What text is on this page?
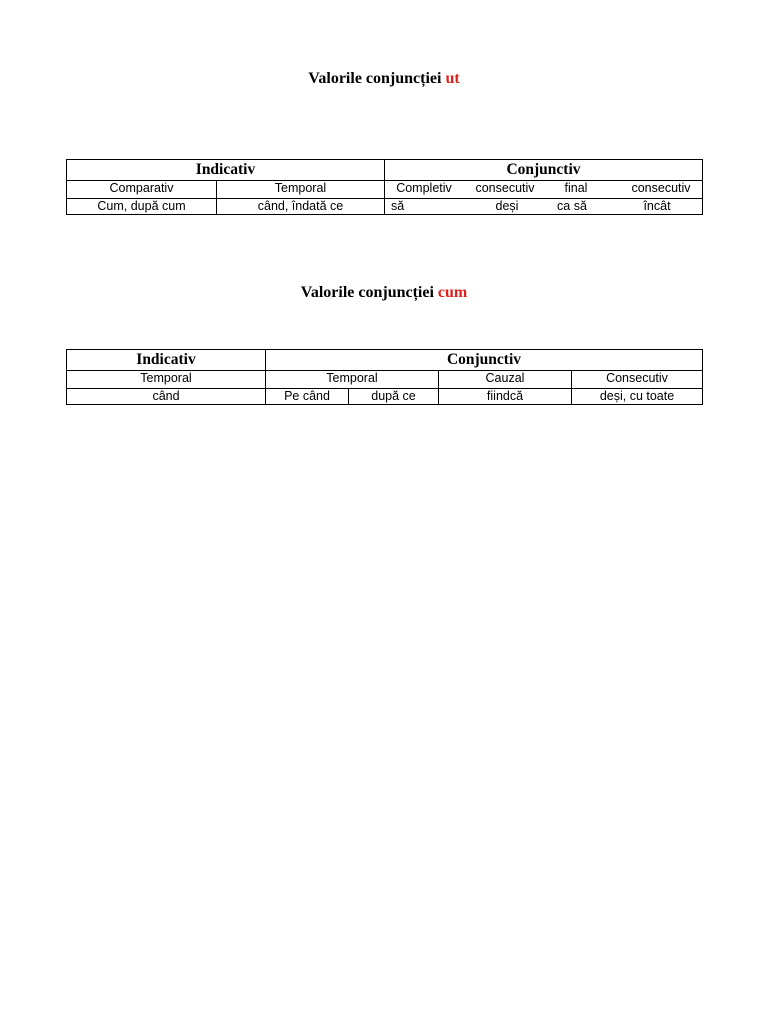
Valorile conjuncției ut
Indicativ	Conjunctiv
Comparativ	Temporal	Completiv	consecutiv	final	consecutiv
Cum, după cum	când, îndată ce	să	deși	ca să	încât
Valorile conjuncției cum
Indicativ	Conjunctiv
Temporal	Temporal	Cauzal	Consecutiv
când	Pe când	după ce	fiindcă	deși, cu toate
